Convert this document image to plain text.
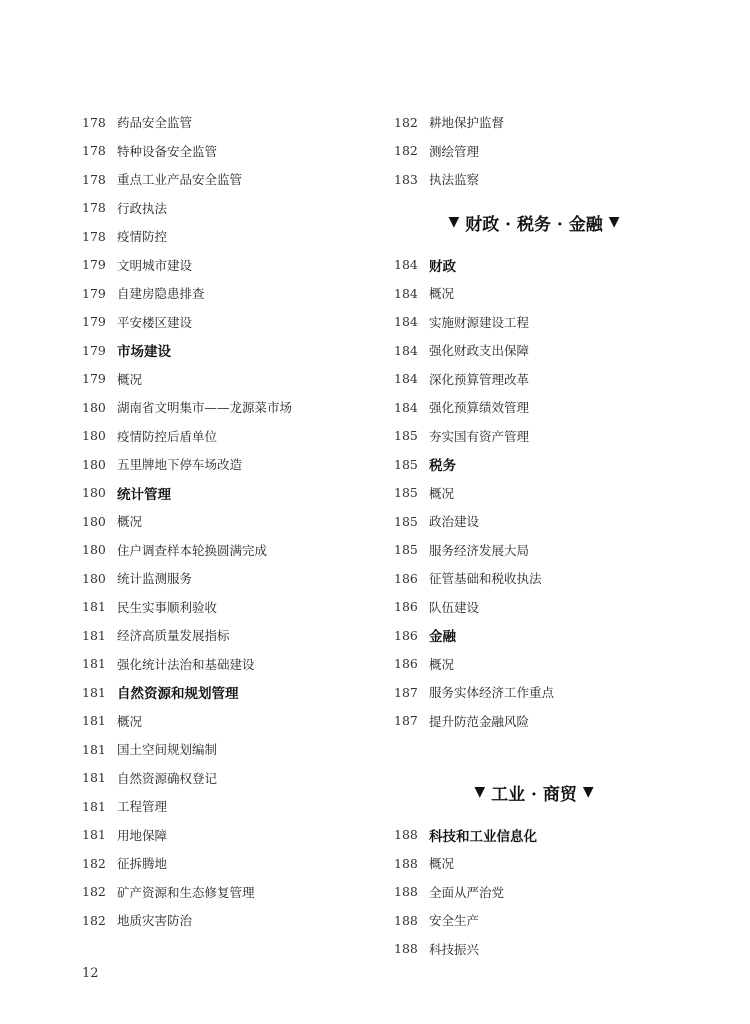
178 药品安全监管
178 特种设备安全监管
178 重点工业产品安全监管
178 行政执法
178 疫情防控
179 文明城市建设
179 自建房隐患排查
179 平安楼区建设
179 市场建设
179 概况
180 湖南省文明集市——龙源菜市场
180 疫情防控后盾单位
180 五里牌地下停车场改造
180 统计管理
180 概况
180 住户调查样本轮换圆满完成
180 统计监测服务
181 民生实事顺利验收
181 经济高质量发展指标
181 强化统计法治和基础建设
181 自然资源和规划管理
181 概况
181 国土空间规划编制
181 自然资源确权登记
181 工程管理
181 用地保障
182 征拆腾地
182 矿产资源和生态修复管理
182 地质灾害防治
182 耕地保护监督
182 测绘管理
183 执法监察
▼ 财政 · 税务 · 金融 ▼
184 财政
184 概况
184 实施财源建设工程
184 强化财政支出保障
184 深化预算管理改革
184 强化预算绩效管理
185 夯实国有资产管理
185 税务
185 概况
185 政治建设
185 服务经济发展大局
186 征管基础和税收执法
186 队伍建设
186 金融
186 概况
187 服务实体经济工作重点
187 提升防范金融风险
▼ 工业 · 商贸 ▼
188 科技和工业信息化
188 概况
188 全面从严治党
188 安全生产
188 科技振兴
12
